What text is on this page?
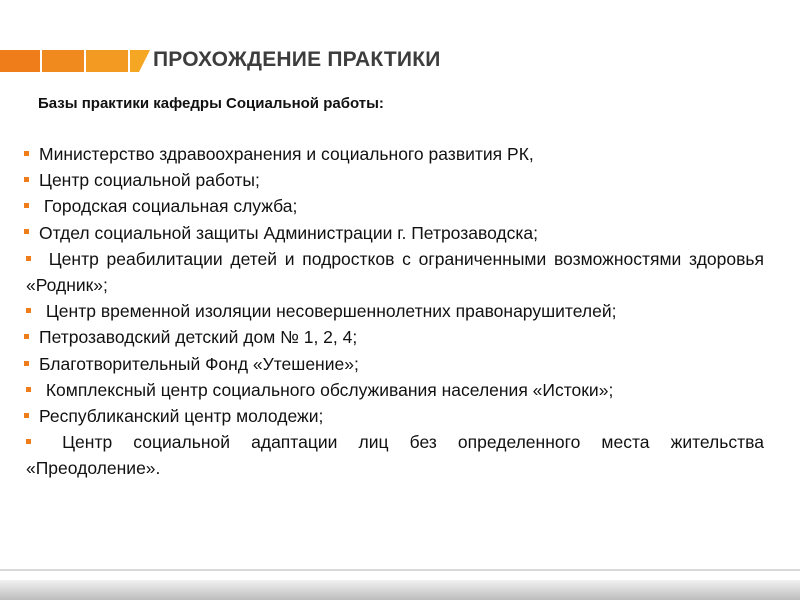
ПРОХОЖДЕНИЕ ПРАКТИКИ
Базы практики кафедры Социальной работы:
Министерство здравоохранения и социального развития РК,
Центр социальной работы;
Городская социальная служба;
Отдел социальной защиты Администрации г. Петрозаводска;
Центр реабилитации детей и подростков с ограниченными возможностями здоровья «Родник»;
Центр временной изоляции несовершеннолетних правонарушителей;
Петрозаводский детский дом № 1, 2, 4;
Благотворительный Фонд «Утешение»;
Комплексный центр социального обслуживания населения «Истоки»;
Республиканский центр молодежи;
Центр социальной адаптации лиц без определенного места жительства «Преодоление».
